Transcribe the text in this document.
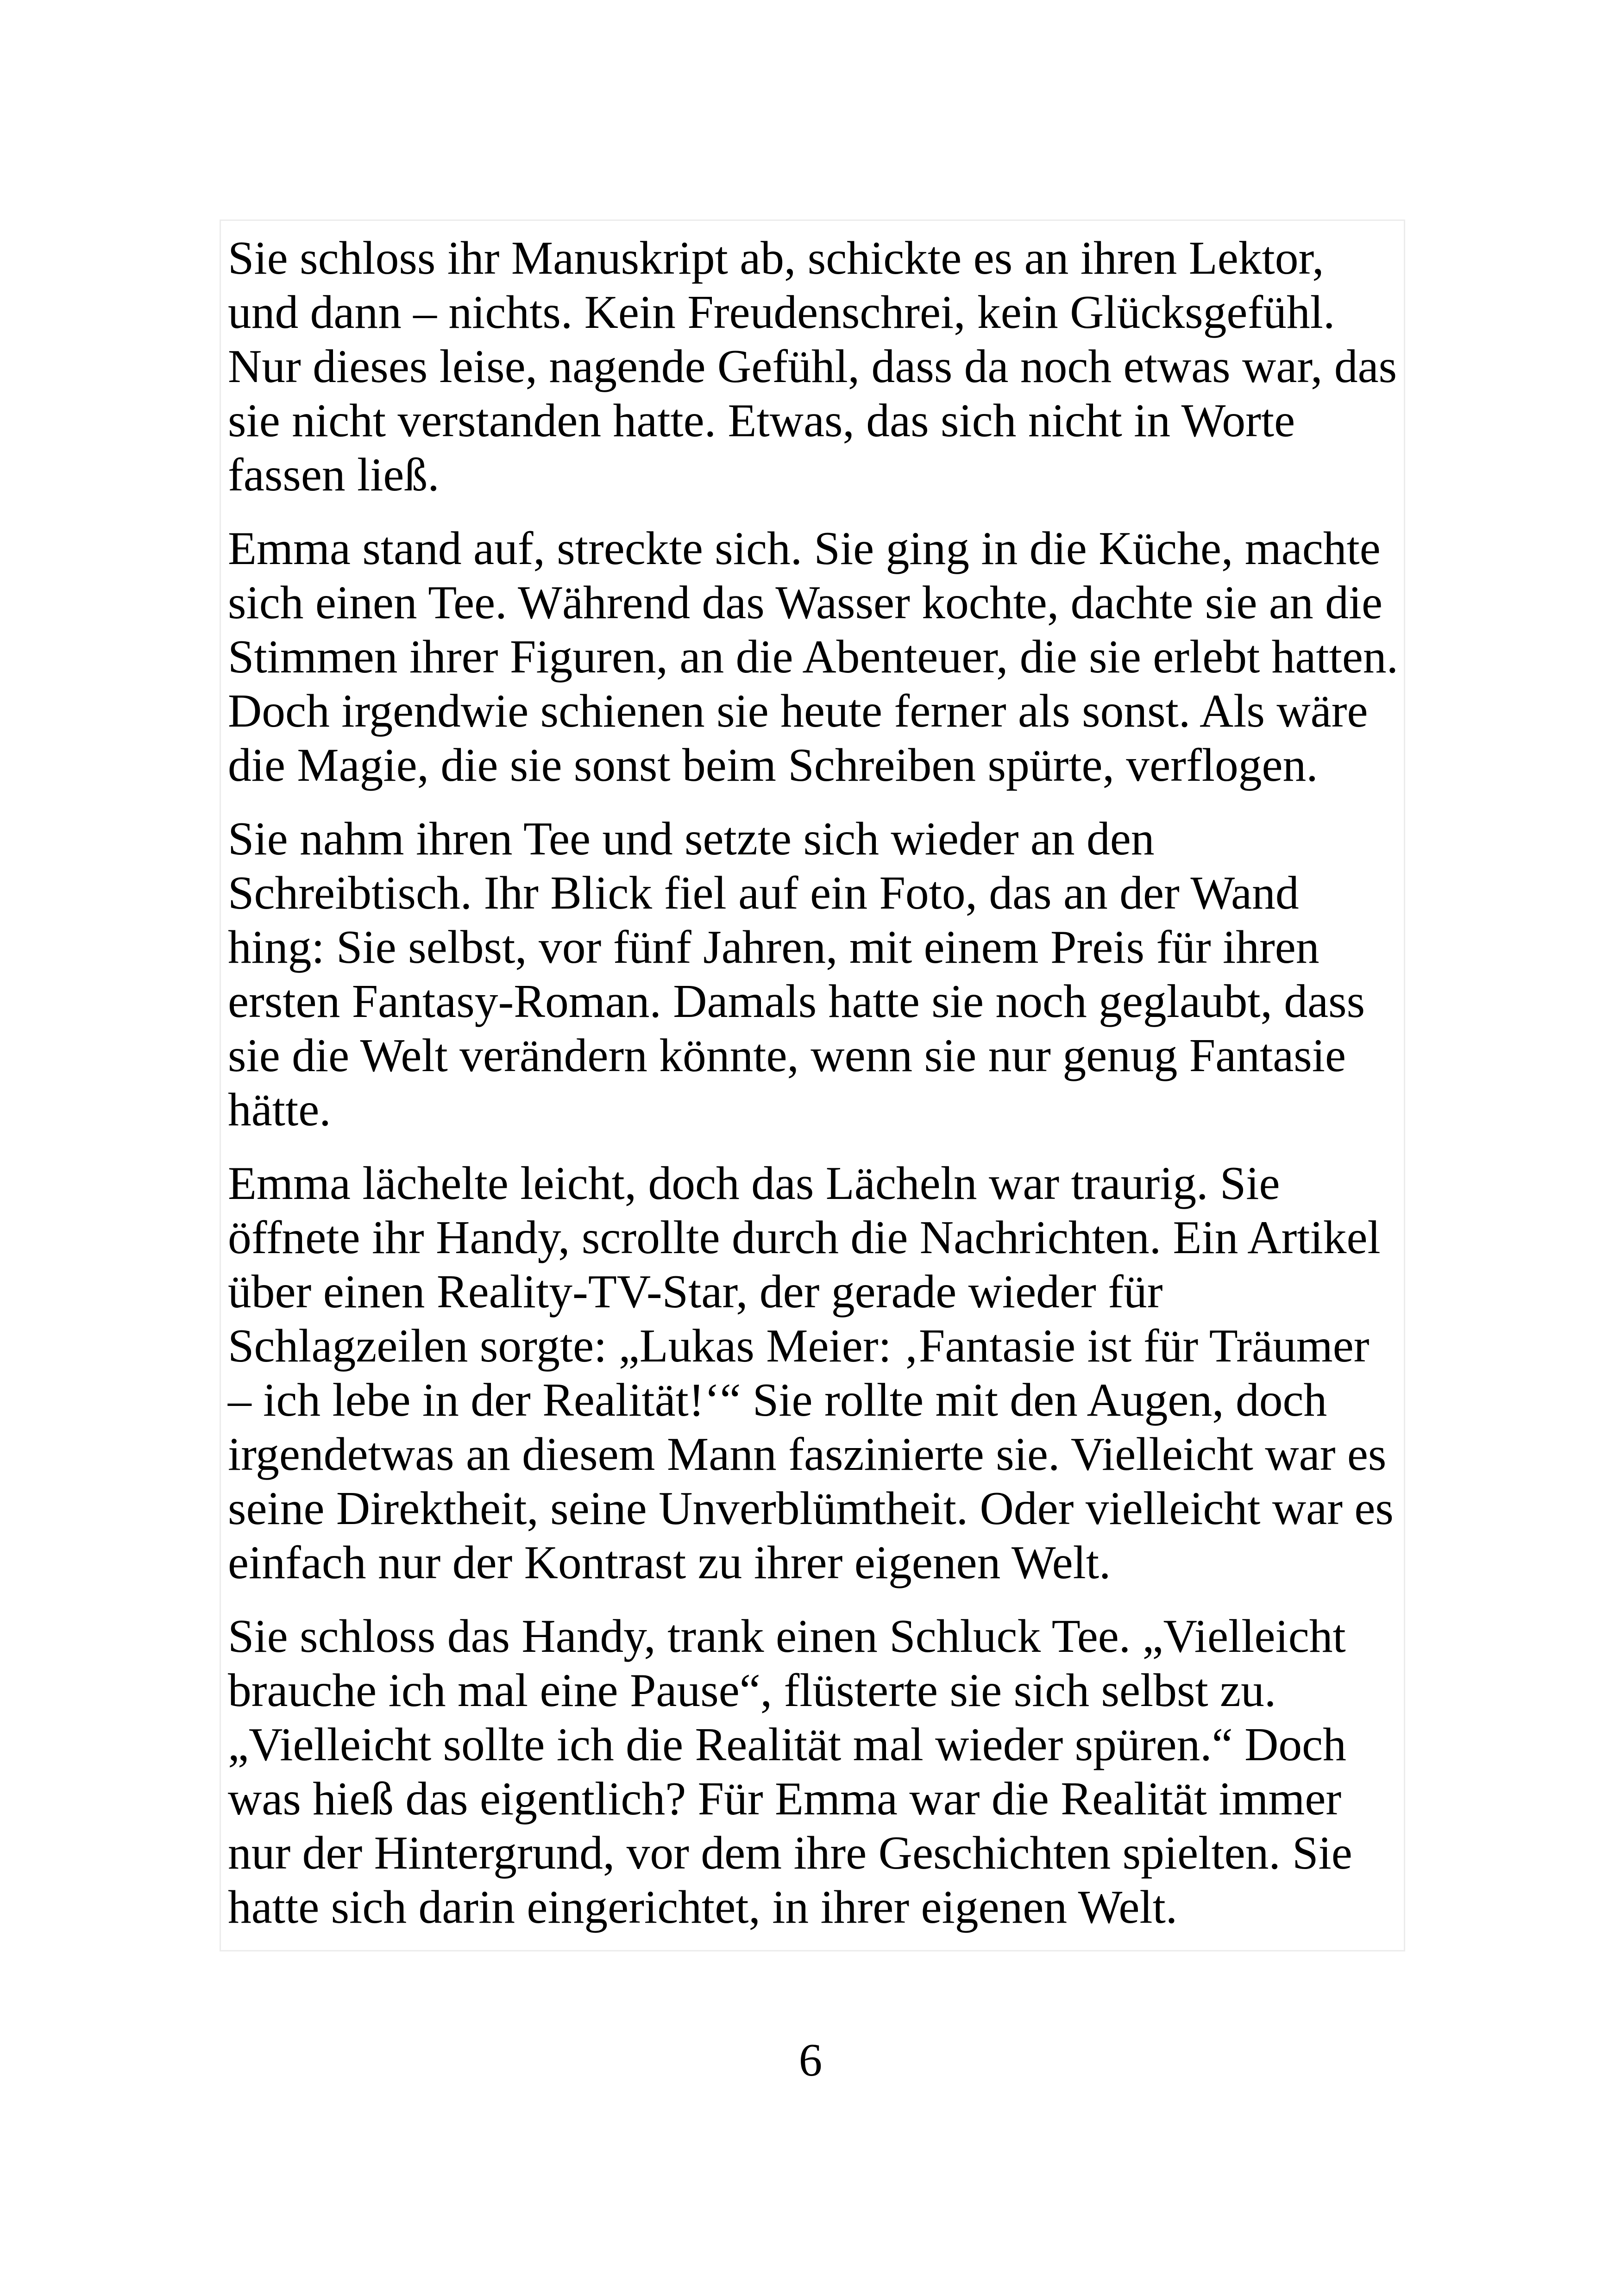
Sie schloss ihr Manuskript ab, schickte es an ihren Lektor, und dann – nichts. Kein Freudenschrei, kein Glücksgefühl. Nur dieses leise, nagende Gefühl, dass da noch etwas war, das sie nicht verstanden hatte. Etwas, das sich nicht in Worte fassen ließ.

Emma stand auf, streckte sich. Sie ging in die Küche, machte sich einen Tee. Während das Wasser kochte, dachte sie an die Stimmen ihrer Figuren, an die Abenteuer, die sie erlebt hatten. Doch irgendwie schienen sie heute ferner als sonst. Als wäre die Magie, die sie sonst beim Schreiben spürte, verflogen.

Sie nahm ihren Tee und setzte sich wieder an den Schreibtisch. Ihr Blick fiel auf ein Foto, das an der Wand hing: Sie selbst, vor fünf Jahren, mit einem Preis für ihren ersten Fantasy-Roman. Damals hatte sie noch geglaubt, dass sie die Welt verändern könnte, wenn sie nur genug Fantasie hätte.

Emma lächelte leicht, doch das Lächeln war traurig. Sie öffnete ihr Handy, scrollte durch die Nachrichten. Ein Artikel über einen Reality-TV-Star, der gerade wieder für Schlagzeilen sorgte: „Lukas Meier: ‚Fantasie ist für Träumer – ich lebe in der Realität!‘“ Sie rollte mit den Augen, doch irgendetwas an diesem Mann faszinierte sie. Vielleicht war es seine Direktheit, seine Unverblümtheit. Oder vielleicht war es einfach nur der Kontrast zu ihrer eigenen Welt.

Sie schloss das Handy, trank einen Schluck Tee. „Vielleicht brauche ich mal eine Pause“, flüsterte sie sich selbst zu. „Vielleicht sollte ich die Realität mal wieder spüren.“ Doch was hieß das eigentlich? Für Emma war die Realität immer nur der Hintergrund, vor dem ihre Geschichten spielten. Sie hatte sich darin eingerichtet, in ihrer eigenen Welt.

6
